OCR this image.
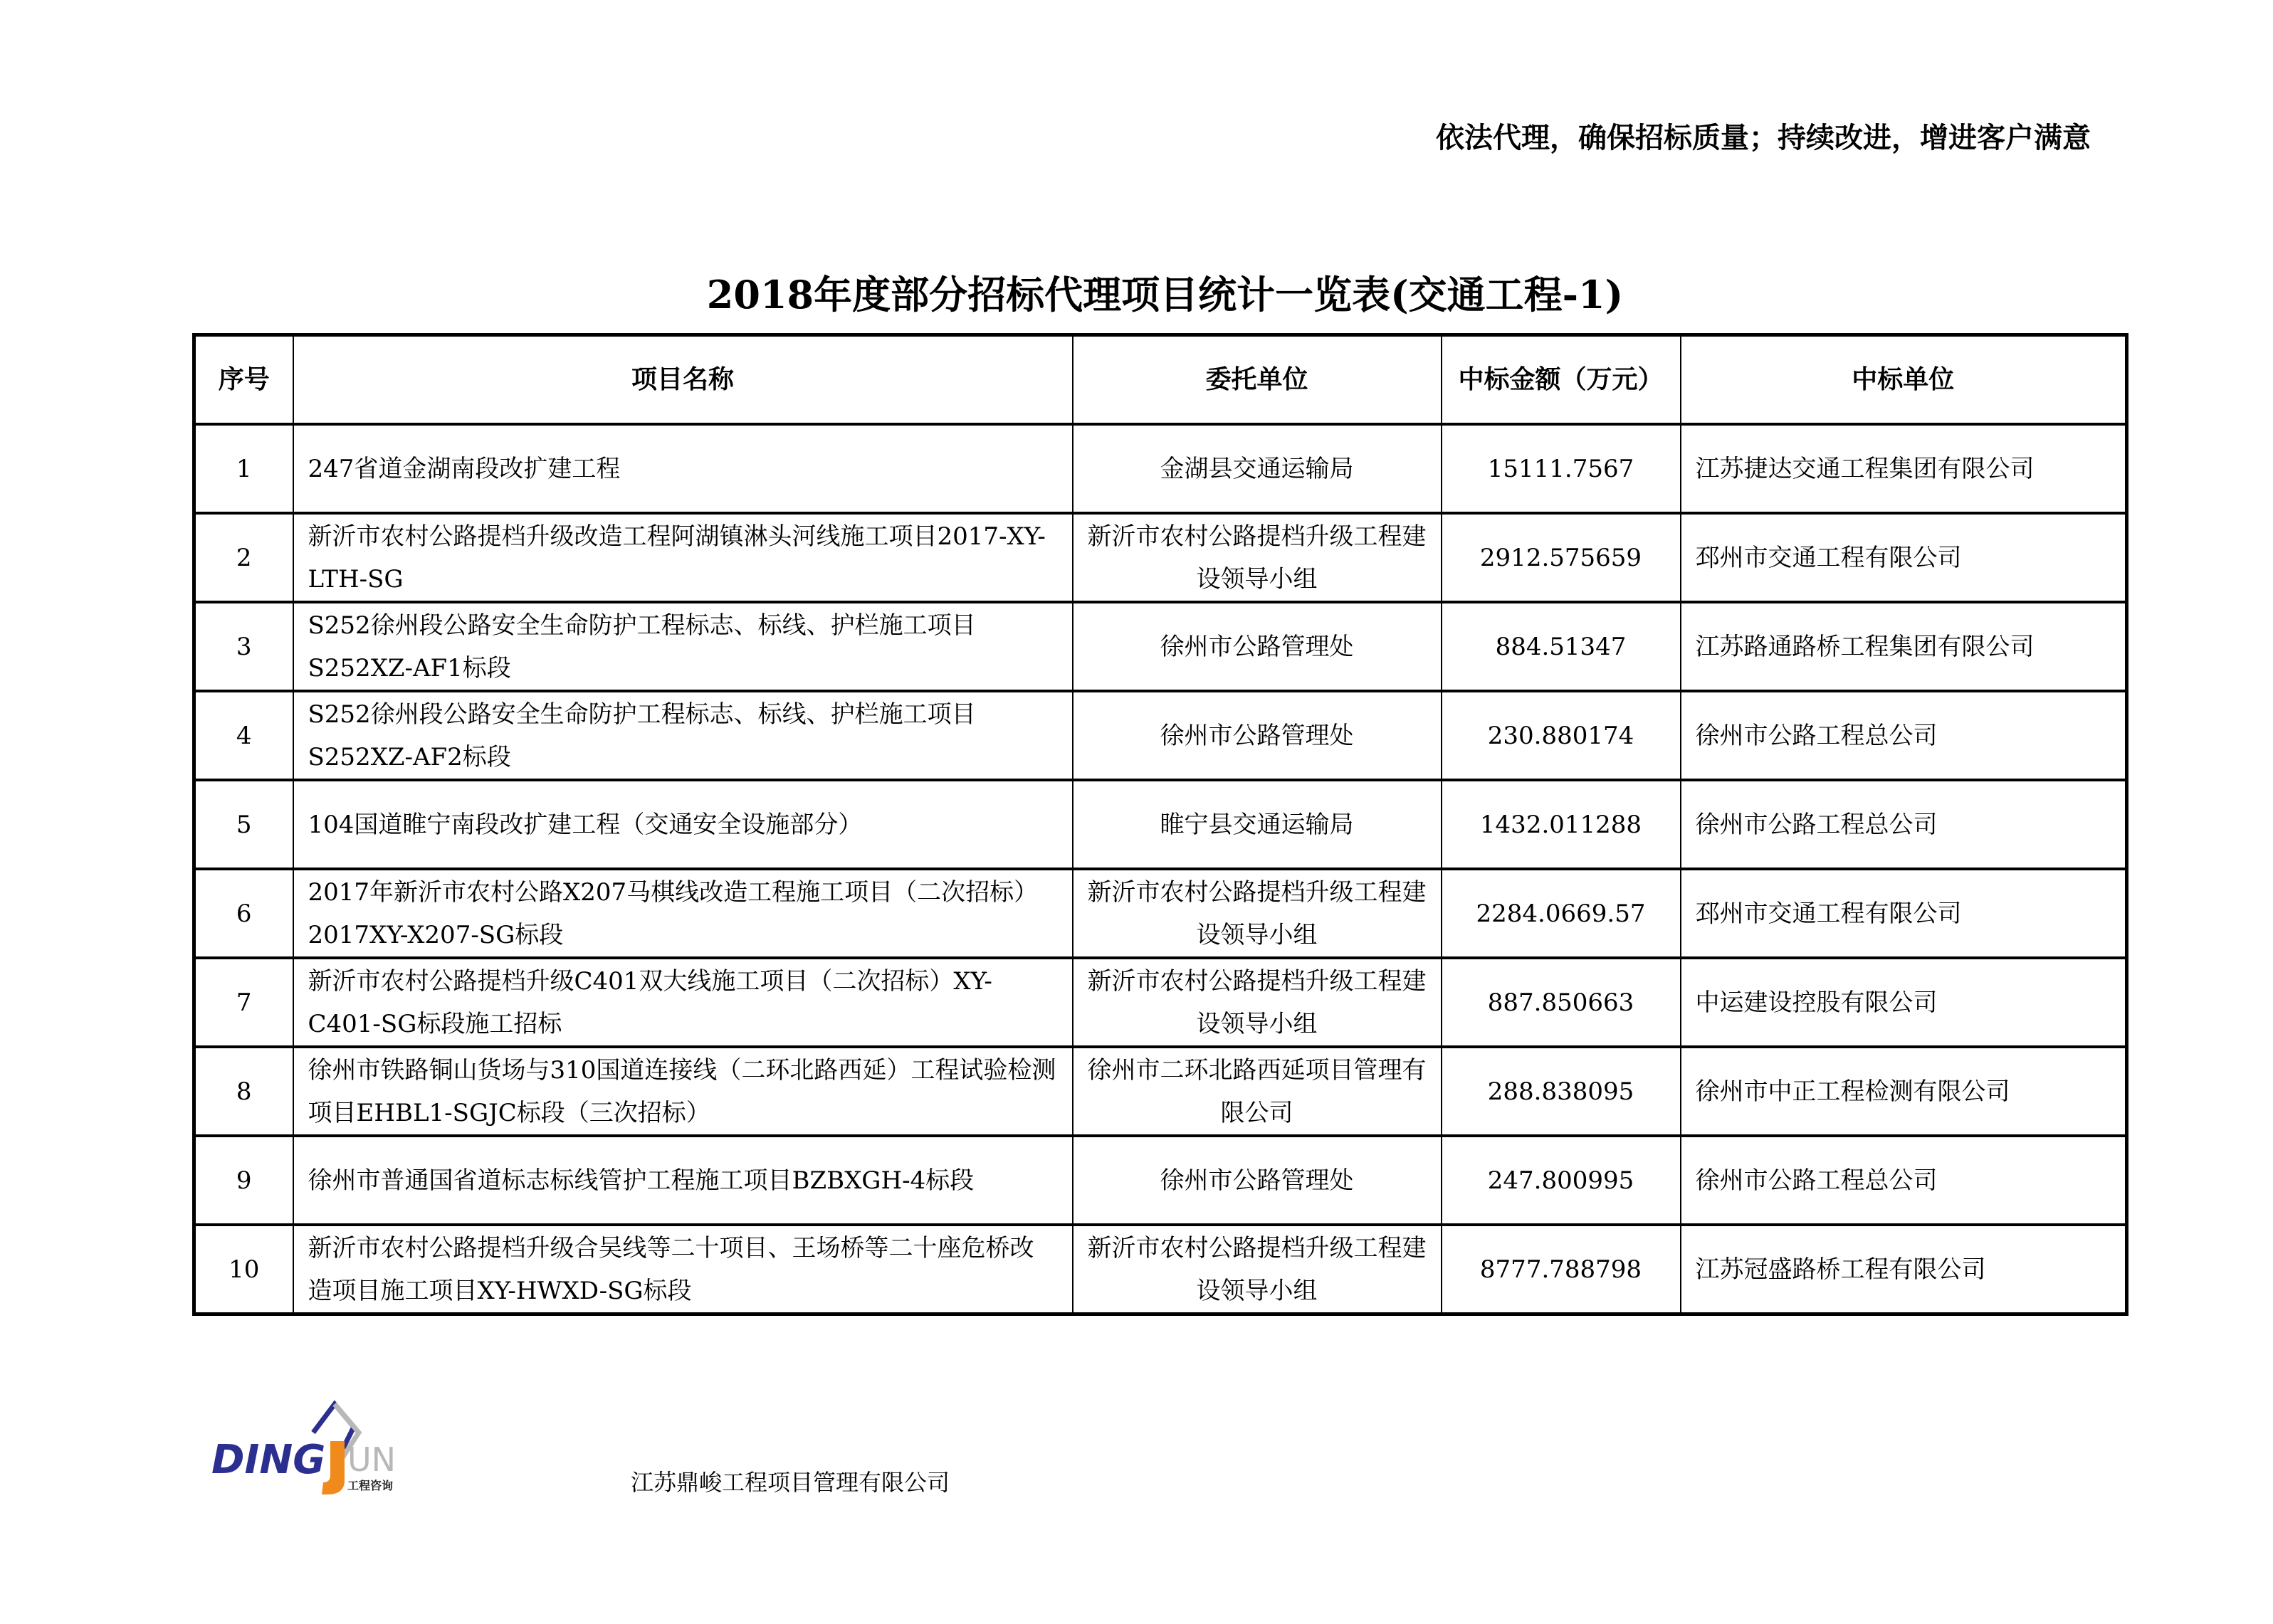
依法代理，确保招标质量；持续改进，增进客户满意
2018年度部分招标代理项目统计一览表(交通工程-1)
序号	项目名称	委托单位	中标金额（万元）	中标单位
1	247省道金湖南段改扩建工程	金湖县交通运输局	15111.7567	江苏捷达交通工程集团有限公司
2	新沂市农村公路提档升级改造工程阿湖镇淋头河线施工项目2017-XY-LTH-SG	新沂市农村公路提档升级工程建设领导小组	2912.575659	邳州市交通工程有限公司
3	S252徐州段公路安全生命防护工程标志、标线、护栏施工项目S252XZ-AF1标段	徐州市公路管理处	884.51347	江苏路通路桥工程集团有限公司
4	S252徐州段公路安全生命防护工程标志、标线、护栏施工项目S252XZ-AF2标段	徐州市公路管理处	230.880174	徐州市公路工程总公司
5	104国道睢宁南段改扩建工程（交通安全设施部分）	睢宁县交通运输局	1432.011288	徐州市公路工程总公司
6	2017年新沂市农村公路X207马棋线改造工程施工项目（二次招标）2017XY-X207-SG标段	新沂市农村公路提档升级工程建设领导小组	2284.0669.57	邳州市交通工程有限公司
7	新沂市农村公路提档升级C401双大线施工项目（二次招标）XY-C401-SG标段施工招标	新沂市农村公路提档升级工程建设领导小组	887.850663	中运建设控股有限公司
8	徐州市铁路铜山货场与310国道连接线（二环北路西延）工程试验检测项目EHBL1-SGJC标段（三次招标）	徐州市二环北路西延项目管理有限公司	288.838095	徐州市中正工程检测有限公司
9	徐州市普通国省道标志标线管护工程施工项目BZBXGH-4标段	徐州市公路管理处	247.800995	徐州市公路工程总公司
10	新沂市农村公路提档升级合吴线等二十项目、王场桥等二十座危桥改造项目施工项目XY-HWXD-SG标段	新沂市农村公路提档升级工程建设领导小组	8777.788798	江苏冠盛路桥工程有限公司
DING UN
工程咨询	江苏鼎峻工程项目管理有限公司
